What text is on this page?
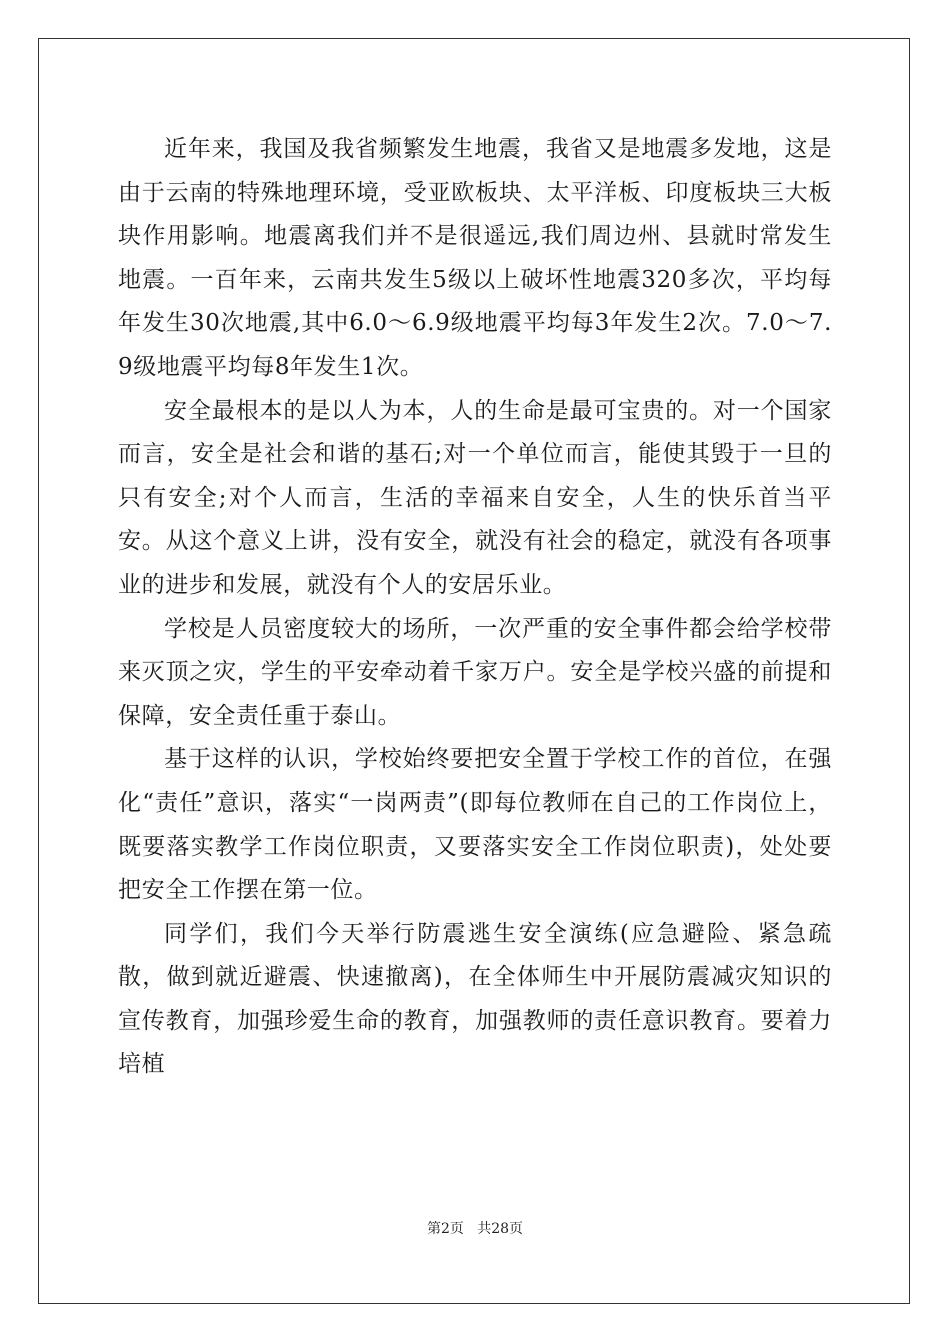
近年来，我国及我省频繁发生地震，我省又是地震多发地，这是由于云南的特殊地理环境，受亚欧板块、太平洋板、印度板块三大板块作用影响。地震离我们并不是很遥远,我们周边州、县就时常发生地震。一百年来，云南共发生5级以上破坏性地震320多次，平均每年发生30次地震,其中6.0～6.9级地震平均每3年发生2次。7.0～7.9级地震平均每8年发生1次。

安全最根本的是以人为本，人的生命是最可宝贵的。对一个国家而言，安全是社会和谐的基石;对一个单位而言，能使其毁于一旦的只有安全;对个人而言，生活的幸福来自安全，人生的快乐首当平安。从这个意义上讲，没有安全，就没有社会的稳定，就没有各项事业的进步和发展，就没有个人的安居乐业。

学校是人员密度较大的场所，一次严重的安全事件都会给学校带来灭顶之灾，学生的平安牵动着千家万户。安全是学校兴盛的前提和保障，安全责任重于泰山。

基于这样的认识，学校始终要把安全置于学校工作的首位，在强化“责任”意识，落实“一岗两责”(即每位教师在自己的工作岗位上，既要落实教学工作岗位职责，又要落实安全工作岗位职责)，处处要把安全工作摆在第一位。

同学们，我们今天举行防震逃生安全演练(应急避险、紧急疏散，做到就近避震、快速撤离)，在全体师生中开展防震减灾知识的宣传教育，加强珍爱生命的教育，加强教师的责任意识教育。要着力培植

第2页   共28页
